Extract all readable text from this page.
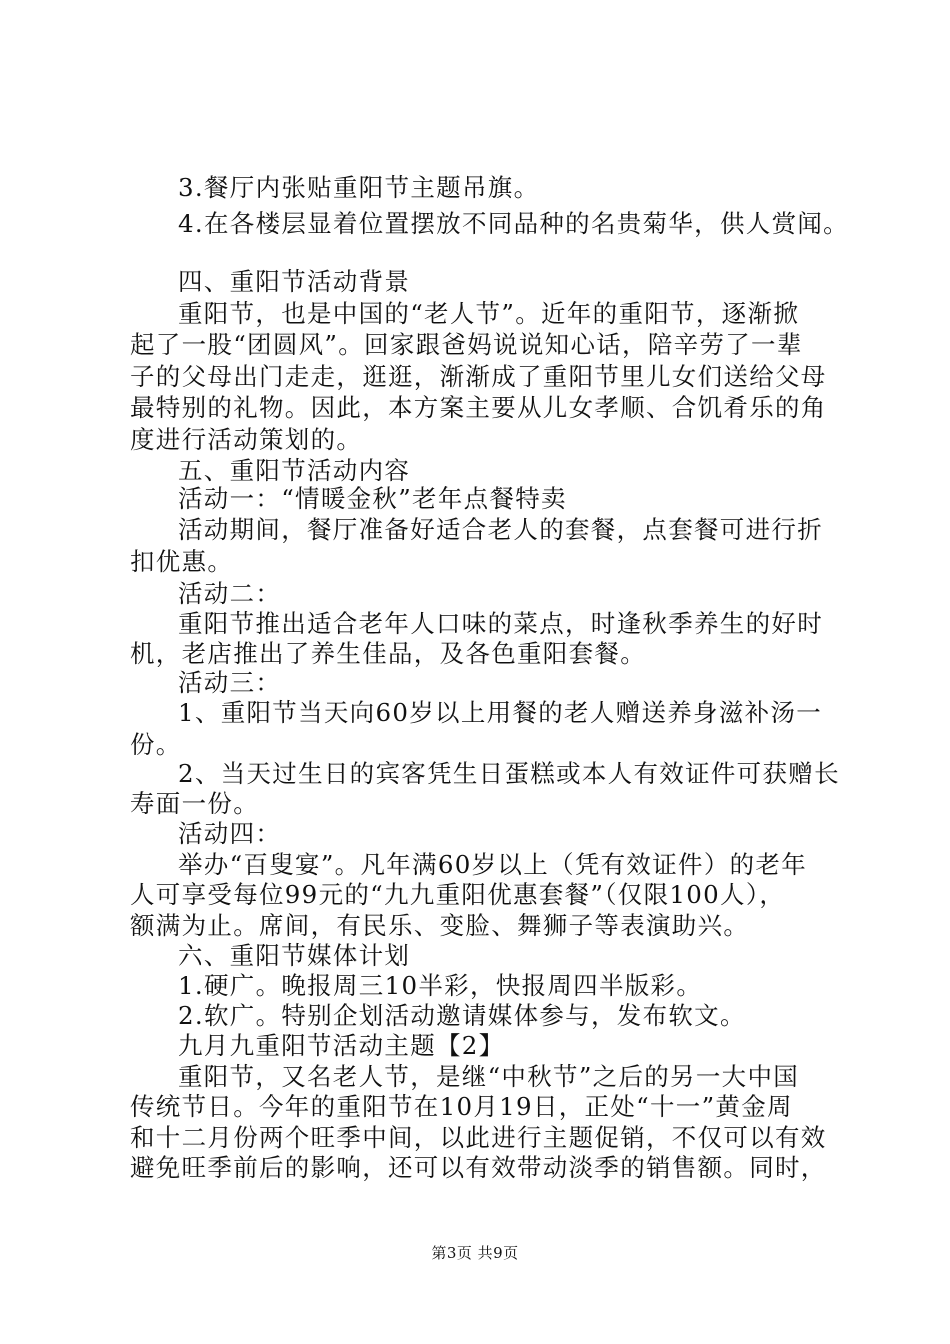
3.餐厅内张贴重阳节主题吊旗。
4.在各楼层显着位置摆放不同品种的名贵菊华，供人赏闻。
四、重阳节活动背景
重阳节，也是中国的“老人节”。近年的重阳节，逐渐掀
起了一股“团圆风”。回家跟爸妈说说知心话，陪辛劳了一辈
子的父母出门走走，逛逛，渐渐成了重阳节里儿女们送给父母
最特别的礼物。因此，本方案主要从儿女孝顺、合饥肴乐的角
度进行活动策划的。
五、重阳节活动内容
活动一：“情暖金秋”老年点餐特卖
活动期间，餐厅准备好适合老人的套餐，点套餐可进行折
扣优惠。
活动二：
重阳节推出适合老年人口味的菜点，时逢秋季养生的好时
机，老店推出了养生佳品，及各色重阳套餐。
活动三：
1、重阳节当天向60岁以上用餐的老人赠送养身滋补汤一
份。
2、当天过生日的宾客凭生日蛋糕或本人有效证件可获赠长
寿面一份。
活动四：
举办“百叟宴”。凡年满60岁以上（凭有效证件）的老年
人可享受每位99元的“九九重阳优惠套餐”（仅限100人），
额满为止。席间，有民乐、变脸、舞狮子等表演助兴。
六、重阳节媒体计划
1.硬广。晚报周三10半彩，快报周四半版彩。
2.软广。特别企划活动邀请媒体参与，发布软文。
九月九重阳节活动主题【2】
重阳节，又名老人节，是继“中秋节”之后的另一大中国
传统节日。今年的重阳节在10月19日，正处“十一”黄金周
和十二月份两个旺季中间，以此进行主题促销，不仅可以有效
避免旺季前后的影响，还可以有效带动淡季的销售额。同时，
第3页 共9页
